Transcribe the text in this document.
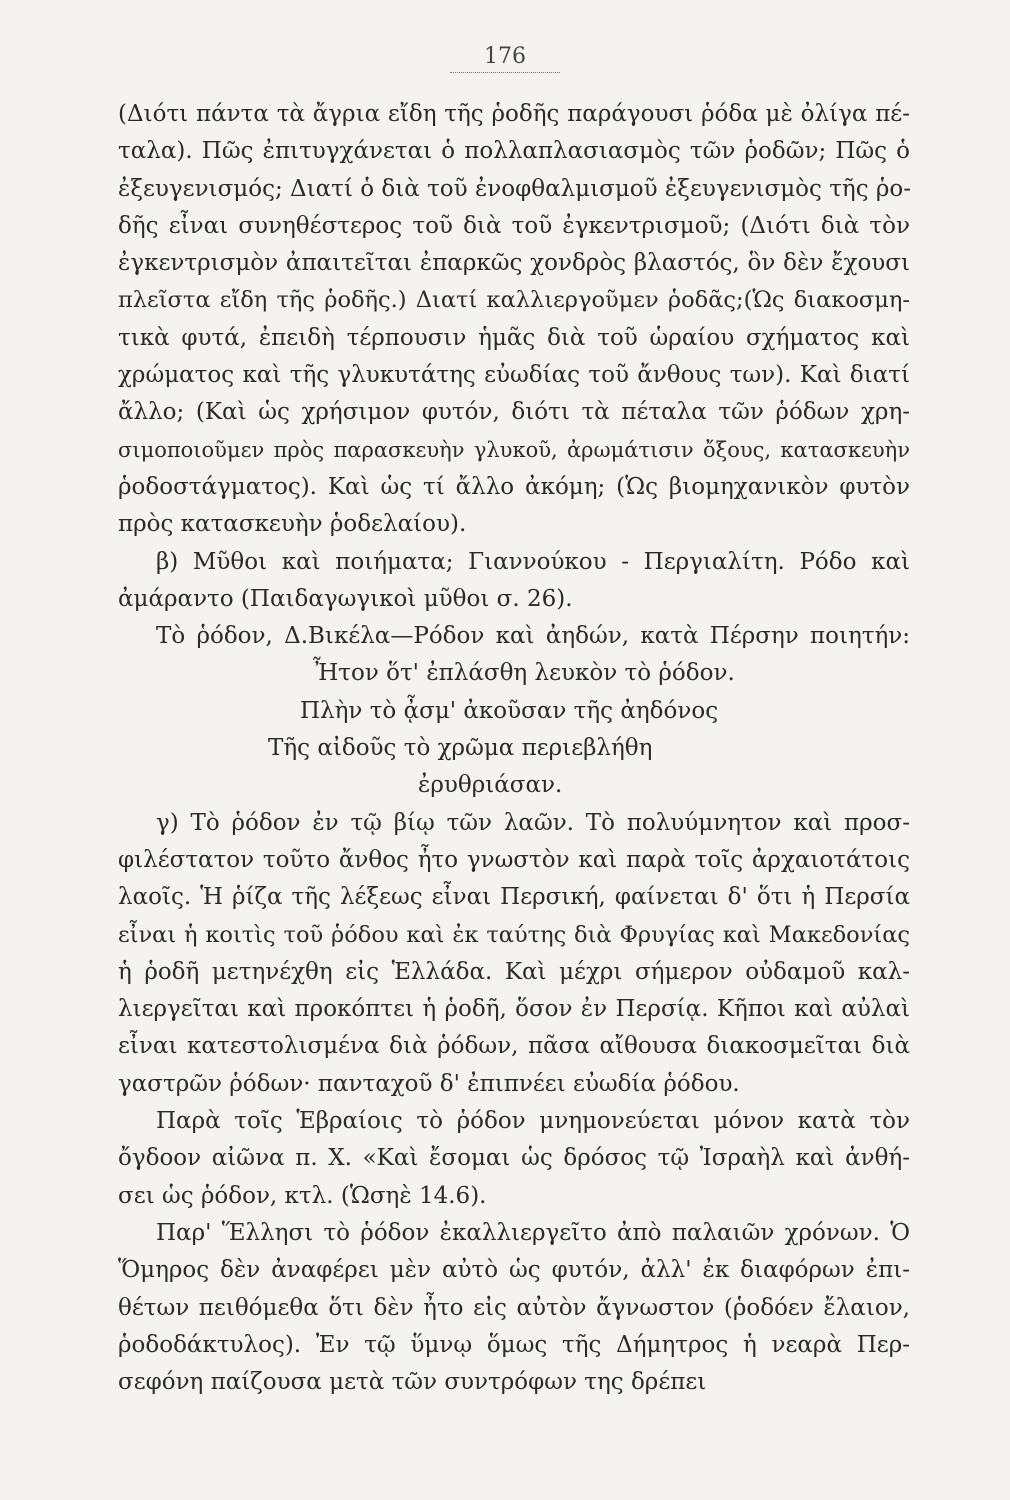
176
(Διότι πάντα τὰ ἄγρια εἴδη τῆς ῥοδῆς παράγουσι ῥόδα μὲ ὀλίγα πέ-
ταλα). Πῶς ἐπιτυγχάνεται ὁ πολλαπλασιασμὸς τῶν ῥοδῶν; Πῶς ὁ
ἐξευγενισμός; Διατί ὁ διὰ τοῦ ἐνοφθαλμισμοῦ ἐξευγενισμὸς τῆς ῥο-
δῆς εἶναι συνηθέστερος τοῦ διὰ τοῦ ἐγκεντρισμοῦ; (Διότι διὰ τὸν
ἐγκεντρισμὸν ἀπαιτεῖται ἐπαρκῶς χονδρὸς βλαστός, ὃν δὲν ἔχουσι
πλεῖστα εἴδη τῆς ῥοδῆς.) Διατί καλλιεργοῦμεν ῥοδᾶς;(Ὡς διακοσμη-
τικὰ φυτά, ἐπειδὴ τέρπουσιν ἡμᾶς διὰ τοῦ ὡραίου σχήματος καὶ
χρώματος καὶ τῆς γλυκυτάτης εὐωδίας τοῦ ἄνθους των). Καὶ διατί
ἄλλο; (Καὶ ὡς χρήσιμον φυτόν, διότι τὰ πέταλα τῶν ῥόδων χρη-
σιμοποιοῦμεν πρὸς παρασκευὴν γλυκοῦ, ἀρωμάτισιν ὄξους, κατασκευὴν
ῥοδοστάγματος). Καὶ ὡς τί ἄλλο ἀκόμη; (Ὡς βιομηχανικὸν φυτὸν
πρὸς κατασκευὴν ῥοδελαίου).
β) Μῦθοι καὶ ποιήματα; Γιαννούκου - Περγιαλίτη. Ρόδο καὶ
ἀμάραντο (Παιδαγωγικοὶ μῦθοι σ. 26).
Τὸ ῥόδον, Δ.Βικέλα—Ρόδον καὶ ἀηδών, κατὰ Πέρσην ποιητήν:
Ἦτον ὅτ' ἐπλάσθη λευκὸν τὸ ῥόδον.
Πλὴν τὸ ᾆσμ' ἀκοῦσαν τῆς ἀηδόνος
Τῆς αἰδοῦς τὸ χρῶμα περιεβλήθη
ἐρυθριάσαν.
γ) Τὸ ῥόδον ἐν τῷ βίῳ τῶν λαῶν. Τὸ πολυύμνητον καὶ προσ-
φιλέστατον τοῦτο ἄνθος ἦτο γνωστὸν καὶ παρὰ τοῖς ἀρχαιοτάτοις
λαοῖς. Ἡ ῥίζα τῆς λέξεως εἶναι Περσική, φαίνεται δ' ὅτι ἡ Περσία
εἶναι ἡ κοιτὶς τοῦ ῥόδου καὶ ἐκ ταύτης διὰ Φρυγίας καὶ Μακεδονίας
ἡ ῥοδῆ μετηνέχθη εἰς Ἑλλάδα. Καὶ μέχρι σήμερον οὐδαμοῦ καλ-
λιεργεῖται καὶ προκόπτει ἡ ῥοδῆ, ὅσον ἐν Περσίᾳ. Κῆποι καὶ αὐλαὶ
εἶναι κατεστολισμένα διὰ ῥόδων, πᾶσα αἴθουσα διακοσμεῖται διὰ
γαστρῶν ῥόδων· πανταχοῦ δ' ἐπιπνέει εὐωδία ῥόδου.
Παρὰ τοῖς Ἑβραίοις τὸ ῥόδον μνημονεύεται μόνον κατὰ τὸν
ὄγδοον αἰῶνα π. Χ. «Καὶ ἔσομαι ὡς δρόσος τῷ Ἰσραὴλ καὶ ἀνθή-
σει ὡς ῥόδον, κτλ. (Ὡσηὲ 14.6).
Παρ' Ἕλλησι τὸ ῥόδον ἐκαλλιεργεῖτο ἀπὸ παλαιῶν χρόνων. Ὁ
Ὅμηρος δὲν ἀναφέρει μὲν αὐτὸ ὡς φυτόν, ἀλλ' ἐκ διαφόρων ἐπι-
θέτων πειθόμεθα ὅτι δὲν ἦτο εἰς αὐτὸν ἄγνωστον (ῥοδόεν ἔλαιον,
ῥοδοδάκτυλος). Ἐν τῷ ὕμνῳ ὅμως τῆς Δήμητρος ἡ νεαρὰ Περ-
σεφόνη παίζουσα μετὰ τῶν συντρόφων της δρέπει
